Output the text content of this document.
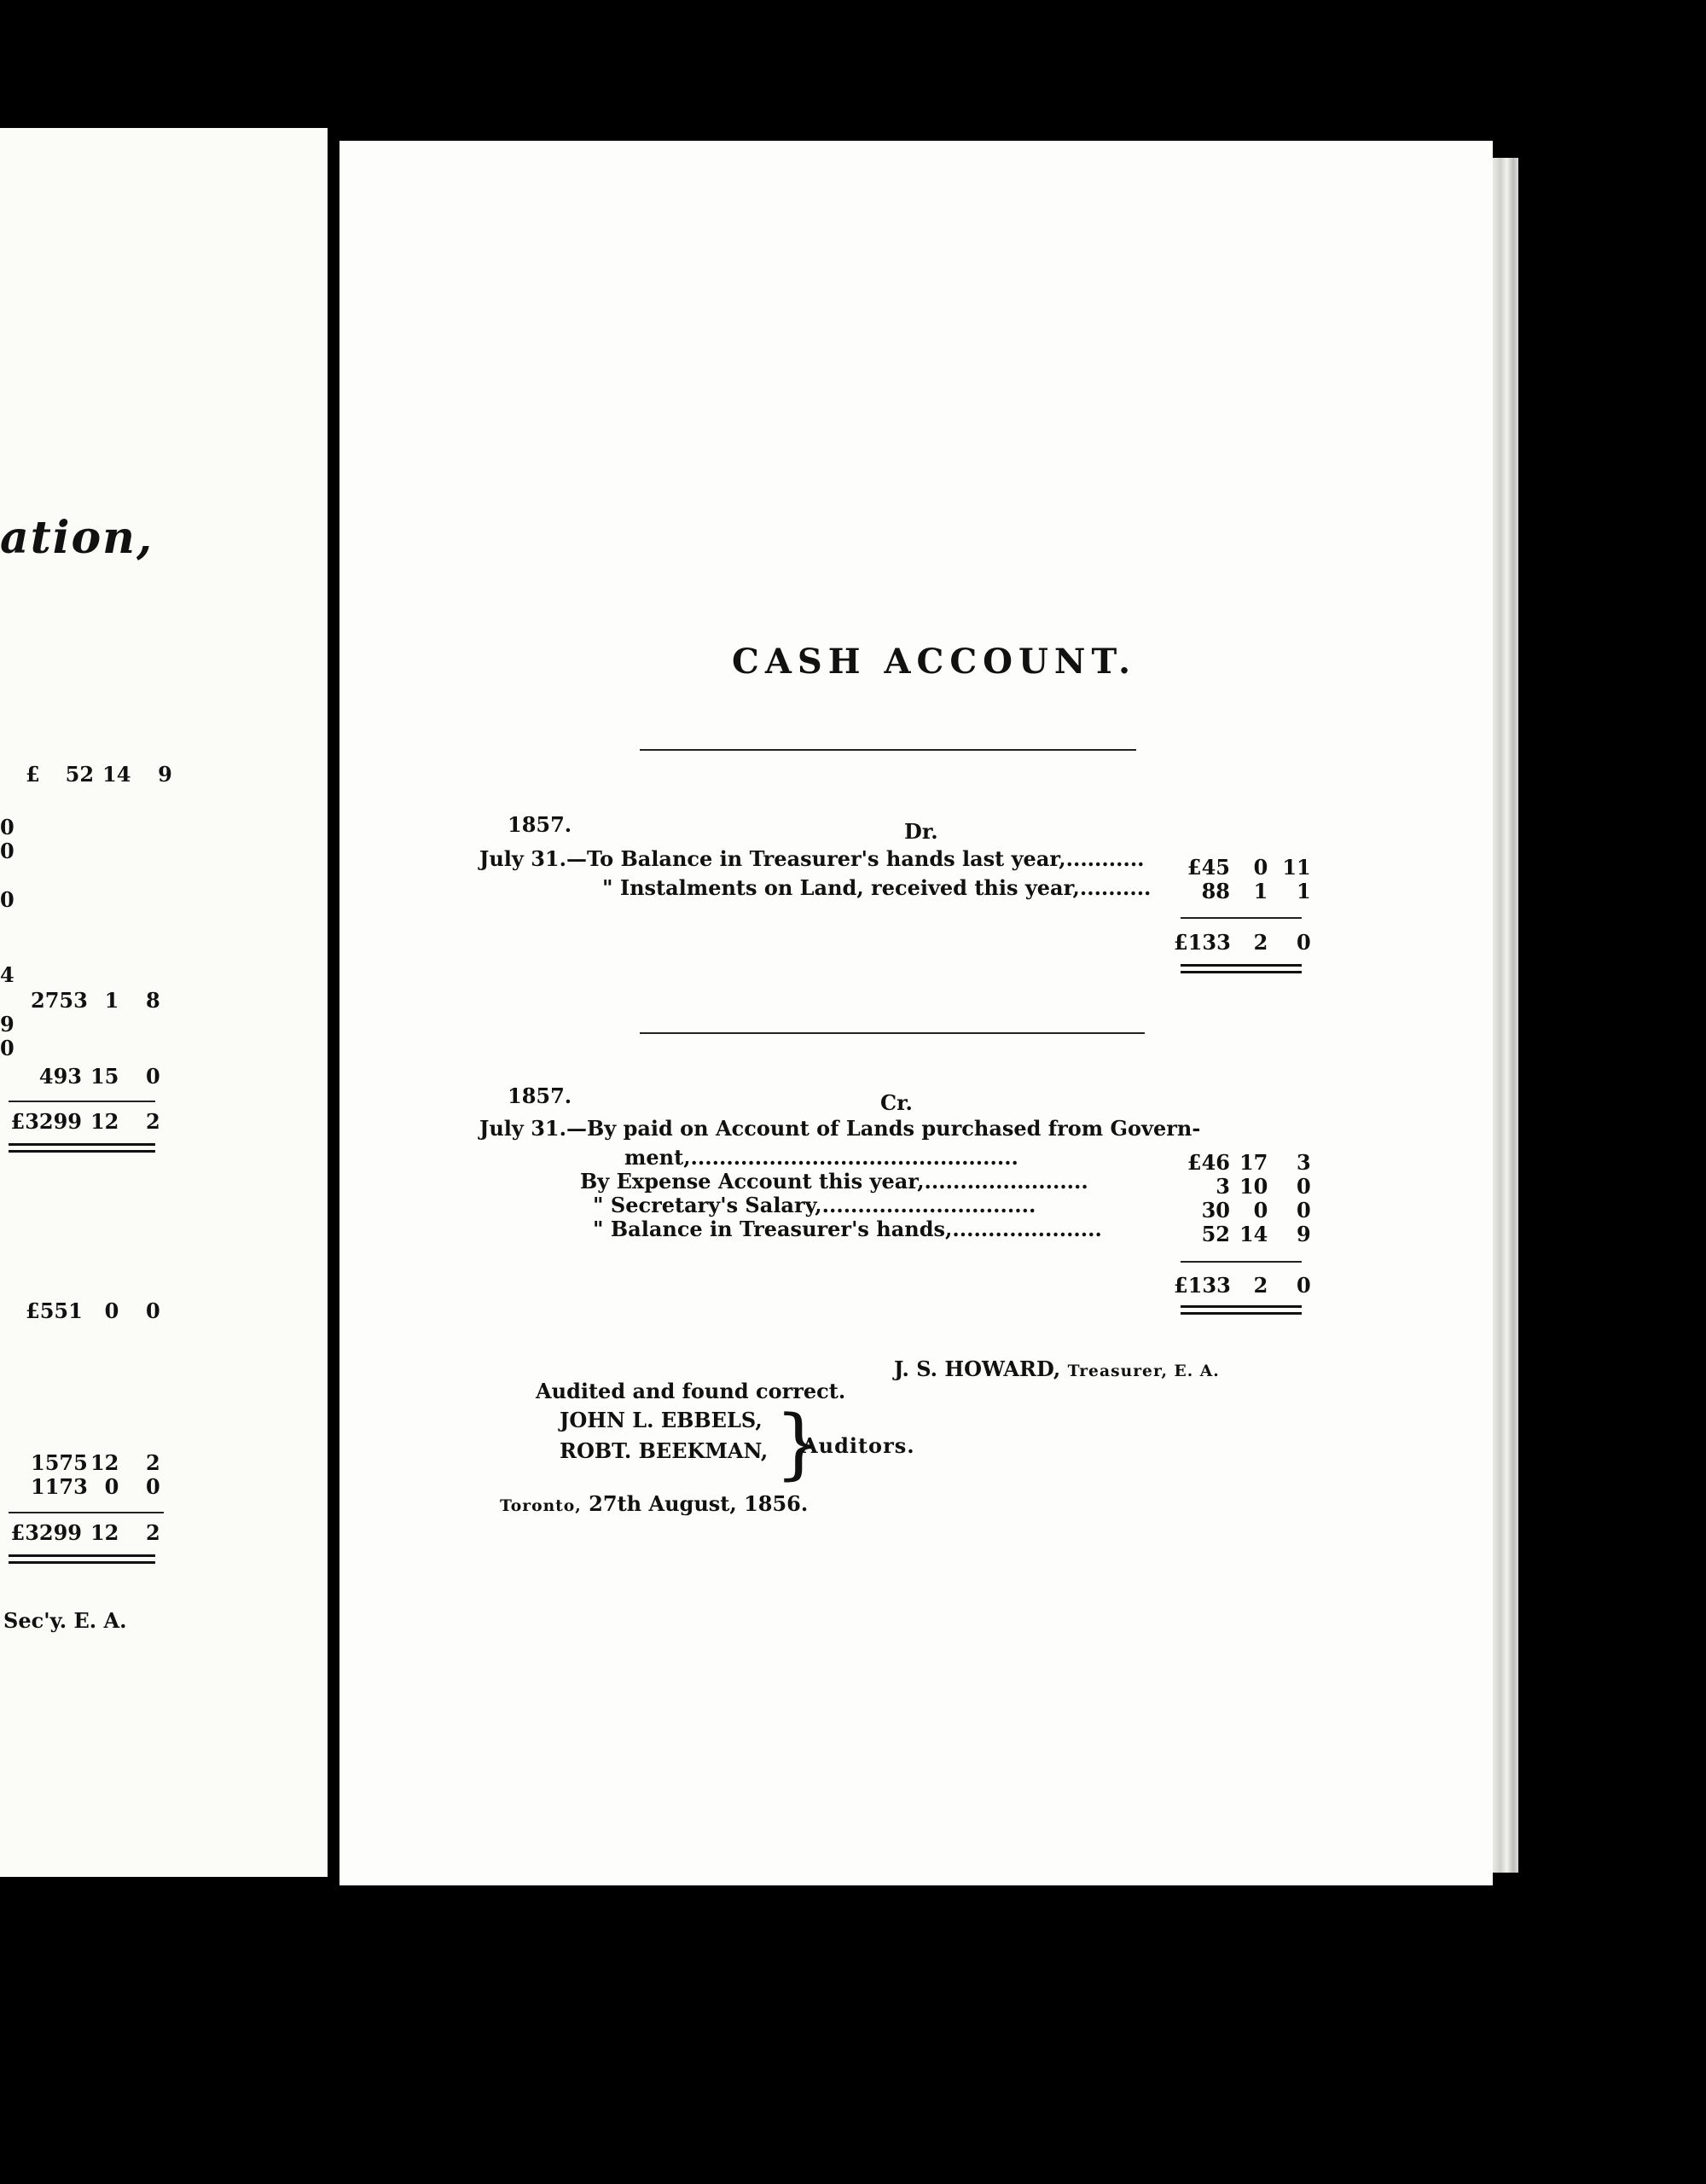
ation,
£ 52 14 9
0
0
0
4
2753 1 8
9
0
493 15 0
£3299 12 2
£551 0 0
1575 12 2
1173 0 0
£3299 12 2
Sec'y. E. A.
CASH ACCOUNT.
1857.	Dr.
July 31.—To Balance in Treasurer's hands last year,...........	£45 0 11
" Instalments on Land, received this year,..........	88 1 1
£133 2 0
1857.	Cr.
July 31.—By paid on Account of Lands purchased from Govern-
ment,..............................................	£46 17 3
By Expense Account this year,.......................	3 10 0
" Secretary's Salary,..............................	30 0 0
" Balance in Treasurer's hands,.....................	52 14 9
£133 2 0
J. S. HOWARD, Treasurer, E. A.
Audited and found correct.
JOHN L. EBBELS,
ROBT. BEEKMAN, }
Auditors.
Toronto, 27th August, 1856.
